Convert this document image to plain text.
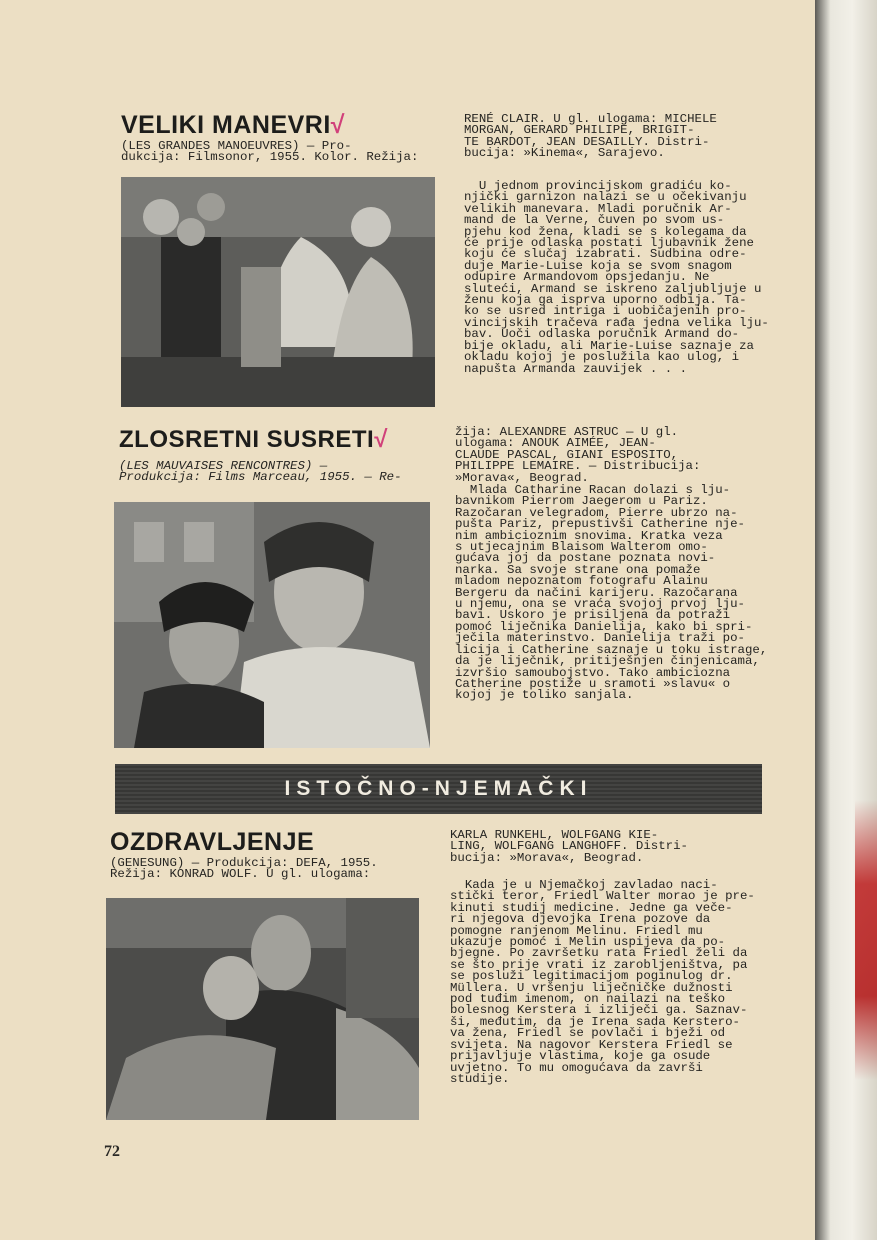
VELIKI MANEVRI√
(LES GRANDES MANOEUVRES) — Pro-
dukcija: Filmsonor, 1955. Kolor. Režija:
RENÉ CLAIR. U gl. ulogama: MICHELE
MORGAN, GERARD PHILIPE, BRIGIT-
TE BARDOT, JEAN DESAILLY. Distri-
bucija: »Kinema«, Sarajevo.
U jednom provincijskom gradiću ko-
njički garnizon nalazi se u očekivanju
velikih manevara. Mladi poručnik Ar-
mand de la Verne, čuven po svom us-
pjehu kod žena, kladi se s kolegama da
će prije odlaska postati ljubavnik žene
koju će slučaj izabrati. Sudbina odre-
duje Marie-Luise koja se svom snagom
odupire Armandovom opsjedanju. Ne
sluteći, Armand se iskreno zaljubljuje u
ženu koja ga isprva uporno odbija. Ta-
ko se usred intriga i uobičajenih pro-
vincijskih tračeva rađa jedna velika lju-
bav. Uoči odlaska poručnik Armand do-
bije okladu, ali Marie-Luise saznaje za
okladu kojoj je poslužila kao ulog, i
napušta Armanda zauvijek . . .
ZLOSRETNI SUSRETI√
(LES MAUVAISES RENCONTRES) —
Produkcija: Films Marceau, 1955. — Re-
žija: ALEXANDRE ASTRUC — U gl.
ulogama: ANOUK AIMÉE, JEAN-
CLAUDE PASCAL, GIANI ESPOSITO,
PHILIPPE LEMAIRE. — Distribucija:
»Morava«, Beograd.
Mlada Catharine Racan dolazi s lju-
bavnikom Pierrom Jaegerom u Pariz.
Razočaran velegradom, Pierre ubrzo na-
pušta Pariz, prepustivši Catherine nje-
nim ambicioznim snovima. Kratka veza
s utjecajnim Blaisom Walterom omo-
gućava joj da postane poznata novi-
narka. Sa svoje strane ona pomaže
mladom nepoznatom fotografu Alainu
Bergeru da načini karijeru. Razočarana
u njemu, ona se vraća svojoj prvoj lju-
bavi. Uskoro je prisiljena da potraži
pomoć liječnika Danielija, kako bi spri-
ječila materinstvo. Danielija traži po-
licija i Catherine saznaje u toku istrage,
da je liječnik, pritiješnjen činjenicama,
izvršio samoubojstvo. Tako ambiciozna
Catherine postiže u sramoti »slavu« o
kojoj je toliko sanjala.
ISTOČNO-NJEMAČKI
OZDRAVLJENJE
(GENESUNG) — Produkcija: DEFA, 1955.
Režija: KONRAD WOLF. U gl. ulogama:
KARLA RUNKEHL, WOLFGANG KIE-
LING, WOLFGANG LANGHOFF. Distri-
bucija: »Morava«, Beograd.
Kada je u Njemačkoj zavladao naci-
stički teror, Friedl Walter morao je pre-
kinuti studij medicine. Jedne ga veče-
ri njegova djevojka Irena pozove da
pomogne ranjenom Melinu. Friedl mu
ukazuje pomoć i Melin uspijeva da po-
bjegne. Po završetku rata Friedl želi da
se što prije vrati iz zarobljeništva, pa
se posluži legitimacijom poginulog dr.
Müllera. U vršenju liječničke dužnosti
pod tuđim imenom, on nailazi na teško
bolesnog Kerstera i izliječi ga. Saznav-
ši, međutim, da je Irena sada Kerstero-
va žena, Friedl se povlači i bježi od
svijeta. Na nagovor Kerstera Friedl se
prijavljuje vlastima, koje ga osude
uvjetno. To mu omogućava da završi
studije.
72
